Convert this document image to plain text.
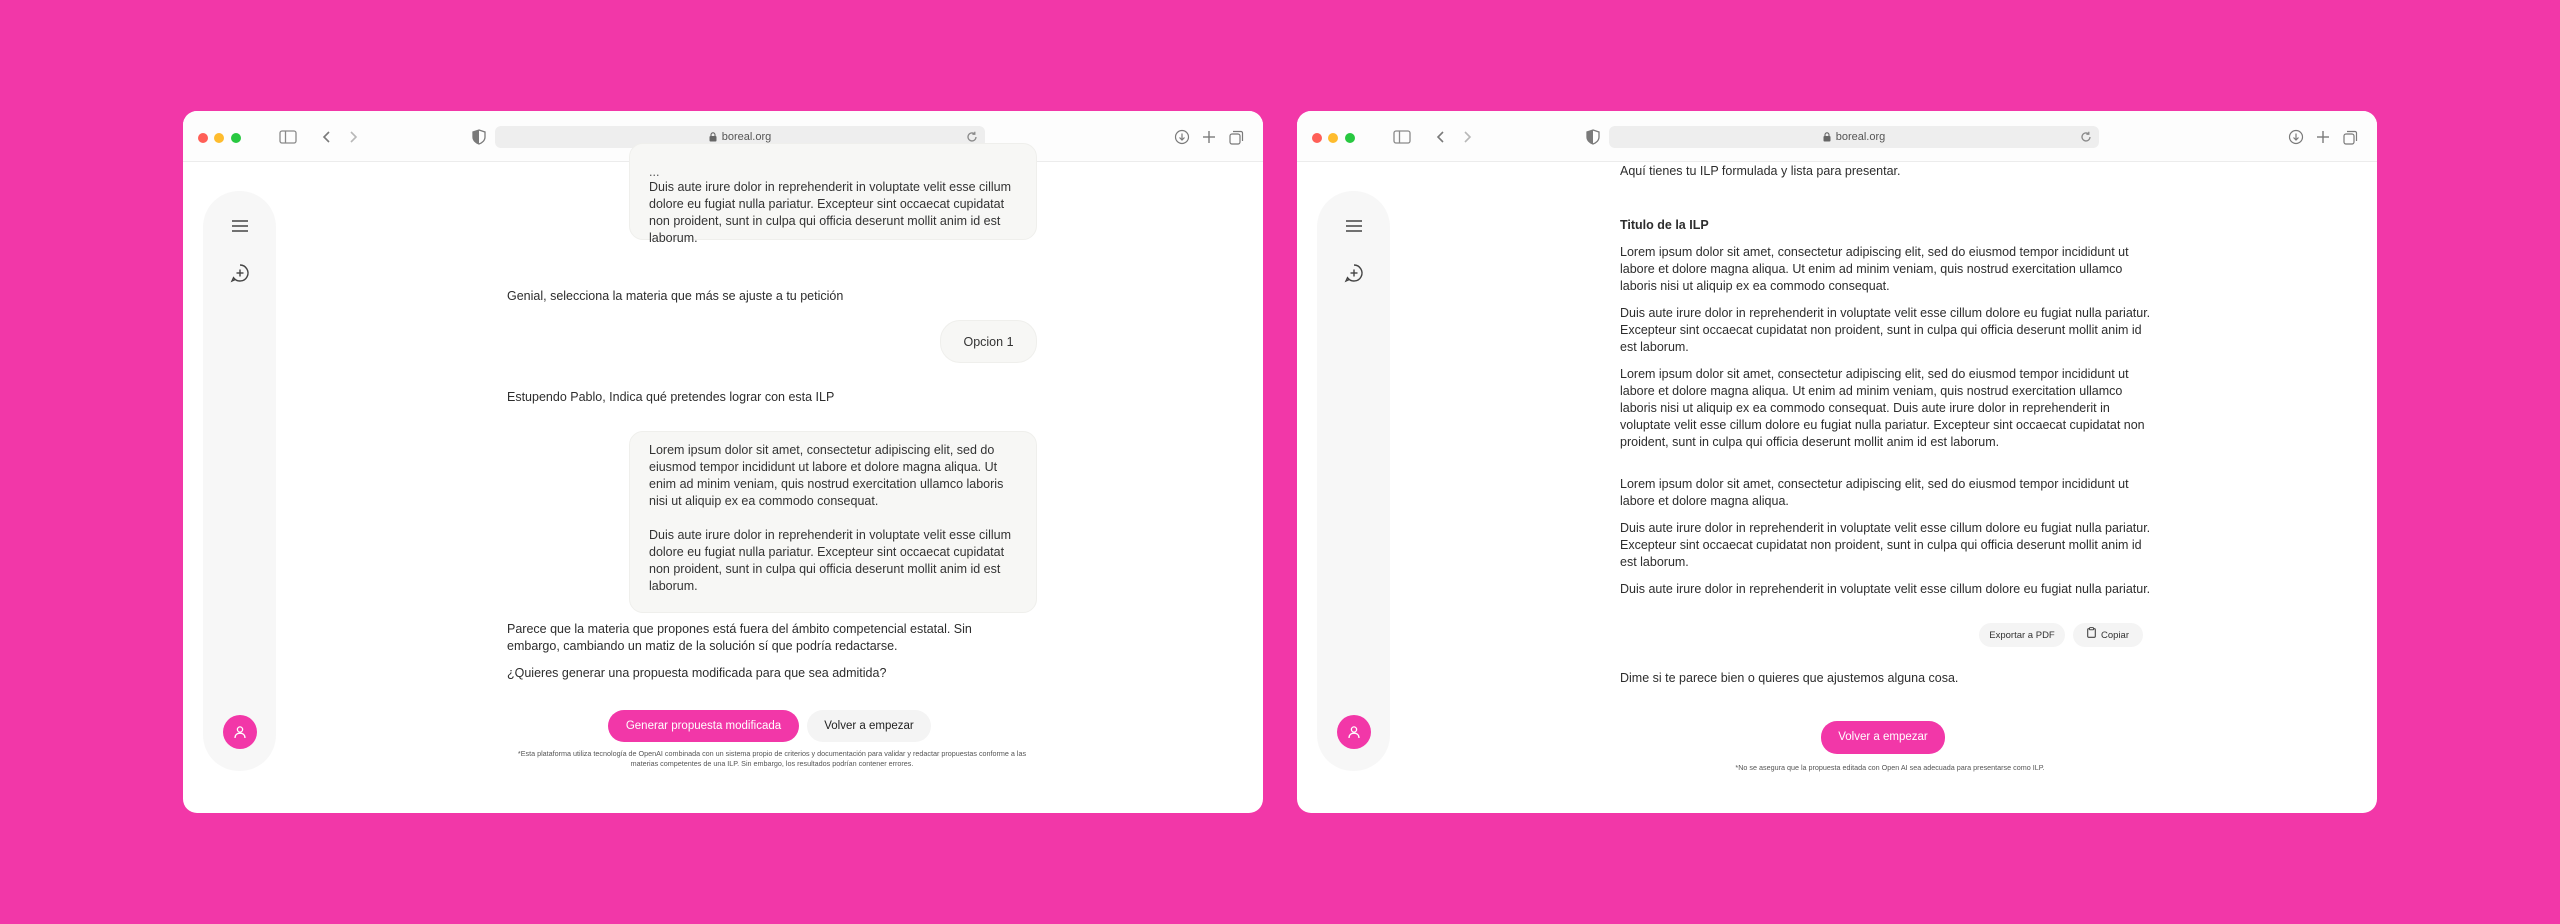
boreal.org
...
Duis aute irure dolor in reprehenderit in voluptate velit esse cillum dolore eu fugiat nulla pariatur. Excepteur sint occaecat cupidatat non proident, sunt in culpa qui officia deserunt mollit anim id est laborum.
Genial, selecciona la materia que más se ajuste a tu petición
Opcion 1
Estupendo Pablo, Indica qué pretendes lograr con esta ILP
Lorem ipsum dolor sit amet, consectetur adipiscing elit, sed do eiusmod tempor incididunt ut labore et dolore magna aliqua. Ut enim ad minim veniam, quis nostrud exercitation ullamco laboris nisi ut aliquip ex ea commodo consequat.
Duis aute irure dolor in reprehenderit in voluptate velit esse cillum dolore eu fugiat nulla pariatur. Excepteur sint occaecat cupidatat non proident, sunt in culpa qui officia deserunt mollit anim id est laborum.
Parece que la materia que propones está fuera del ámbito competencial estatal. Sin embargo, cambiando un matiz de la solución sí que podría redactarse.
¿Quieres generar una propuesta modificada para que sea admitida?
Generar propuesta modificada	Volver a empezar
*Esta plataforma utiliza tecnología de OpenAI combinada con un sistema propio de criterios y documentación para validar y redactar propuestas conforme a las materias competentes de una ILP. Sin embargo, los resultados podrían contener errores.
boreal.org
Aquí tienes tu ILP formulada y lista para presentar.
Titulo de la ILP
Lorem ipsum dolor sit amet, consectetur adipiscing elit, sed do eiusmod tempor incididunt ut labore et dolore magna aliqua. Ut enim ad minim veniam, quis nostrud exercitation ullamco laboris nisi ut aliquip ex ea commodo consequat.
Duis aute irure dolor in reprehenderit in voluptate velit esse cillum dolore eu fugiat nulla pariatur. Excepteur sint occaecat cupidatat non proident, sunt in culpa qui officia deserunt mollit anim id est laborum.
Lorem ipsum dolor sit amet, consectetur adipiscing elit, sed do eiusmod tempor incididunt ut labore et dolore magna aliqua. Ut enim ad minim veniam, quis nostrud exercitation ullamco laboris nisi ut aliquip ex ea commodo consequat. Duis aute irure dolor in reprehenderit in voluptate velit esse cillum dolore eu fugiat nulla pariatur. Excepteur sint occaecat cupidatat non proident, sunt in culpa qui officia deserunt mollit anim id est laborum.
Lorem ipsum dolor sit amet, consectetur adipiscing elit, sed do eiusmod tempor incididunt ut labore et dolore magna aliqua.
Duis aute irure dolor in reprehenderit in voluptate velit esse cillum dolore eu fugiat nulla pariatur. Excepteur sint occaecat cupidatat non proident, sunt in culpa qui officia deserunt mollit anim id est laborum.
Duis aute irure dolor in reprehenderit in voluptate velit esse cillum dolore eu fugiat nulla pariatur.
Exportar a PDF	Copiar
Dime si te parece bien o quieres que ajustemos alguna cosa.
Volver a empezar
*No se asegura que la propuesta editada con Open AI sea adecuada para presentarse como ILP.
